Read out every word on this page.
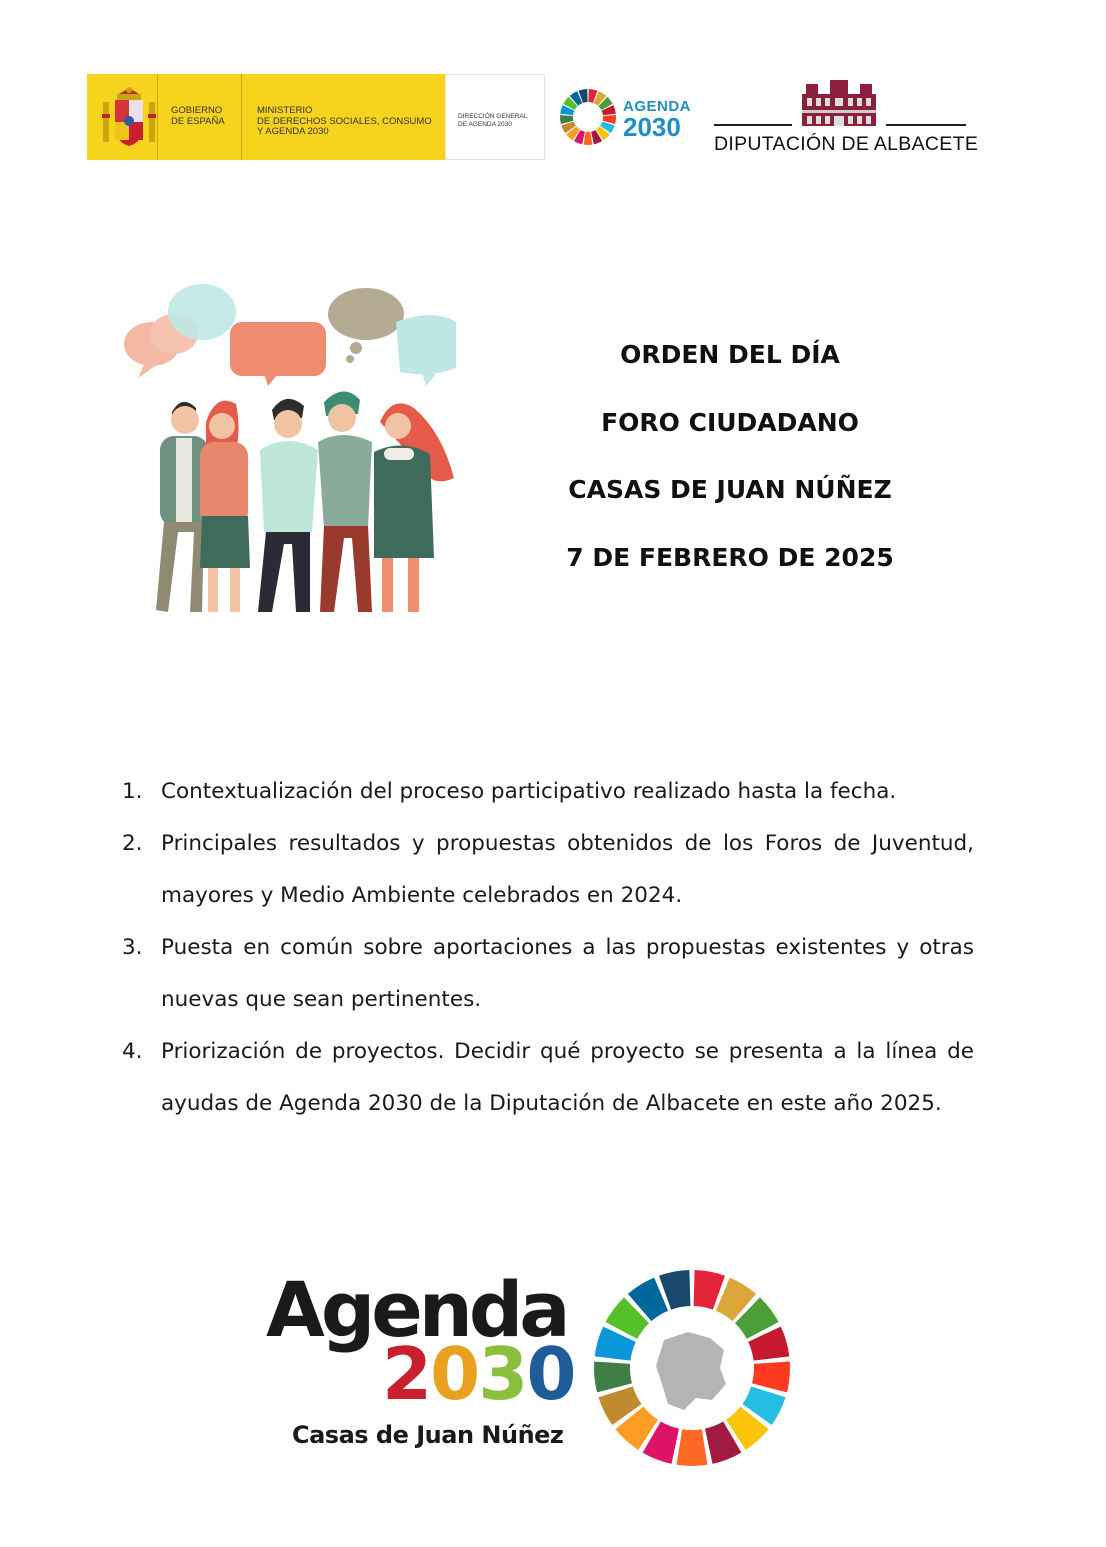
GOBIERNO
DE ESPAÑA
MINISTERIO
DE DERECHOS SOCIALES, CONSUMO
Y AGENDA 2030
DIRECCIÓN GENERAL
DE AGENDA 2030
AGENDA
2030
DIPUTACIÓN DE ALBACETE
ORDEN DEL DÍA
FORO CIUDADANO
CASAS DE JUAN NÚÑEZ
7 DE FEBRERO DE 2025
1. Contextualización del proceso participativo realizado hasta la fecha.
2. Principales resultados y propuestas obtenidos de los Foros de Juventud, mayores y Medio Ambiente celebrados en 2024.
3. Puesta en común sobre aportaciones a las propuestas existentes y otras nuevas que sean pertinentes.
4. Priorización de proyectos. Decidir qué proyecto se presenta a la línea de ayudas de Agenda 2030 de la Diputación de Albacete en este año 2025.
Agenda
2030
Casas de Juan Núñez
